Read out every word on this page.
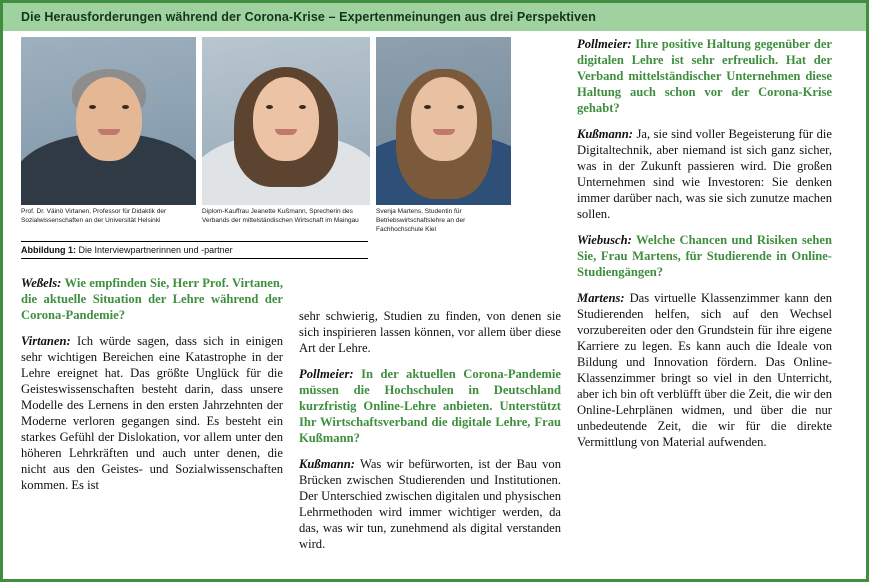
Die Herausforderungen während der Corona-Krise – Expertenmeinungen aus drei Perspektiven
Prof. Dr. Väinö Virtanen, Professor für Didaktik der Sozialwissenschaften an der Universität Helsinki
Diplom-Kauffrau Jeanette Kußmann, Sprecherin des Verbands der mittelständischen Wirtschaft im Maingau
Svenja Martens, Studentin für Betriebswirtschaftslehre an der Fachhochschule Kiel
Abbildung 1: Die Interviewpartnerinnen und -partner

Weßels: Wie empfinden Sie, Herr Prof. Virtanen, die aktuelle Situation der Lehre während der Corona-Pandemie?

Virtanen: Ich würde sagen, dass sich in einigen sehr wichtigen Bereichen eine Katastrophe in der Lehre ereignet hat. Das größte Unglück für die Geisteswissenschaften besteht darin, dass unsere Modelle des Lernens in den ersten Jahrzehnten der Moderne verloren gegangen sind. Es besteht ein starkes Gefühl der Dislokation, vor allem unter den höheren Lehrkräften und auch unter denen, die nicht aus den Geistes- und Sozialwissenschaften kommen. Es ist

sehr schwierig, Studien zu finden, von denen sie sich inspirieren lassen können, vor allem über diese Art der Lehre.

Pollmeier: In der aktuellen Corona-Pandemie müssen die Hochschulen in Deutschland kurzfristig Online-Lehre anbieten. Unterstützt Ihr Wirtschaftsverband die digitale Lehre, Frau Kußmann?

Kußmann: Was wir befürworten, ist der Bau von Brücken zwischen Studierenden und Institutionen. Der Unterschied zwischen digitalen und physischen Lehrmethoden wird immer wichtiger werden, da das, was wir tun, zunehmend als digital verstanden wird.

Pollmeier: Ihre positive Haltung gegenüber der digitalen Lehre ist sehr erfreulich. Hat der Verband mittelständischer Unternehmen diese Haltung auch schon vor der Corona-Krise gehabt?

Kußmann: Ja, sie sind voller Begeisterung für die Digitaltechnik, aber niemand ist sich ganz sicher, was in der Zukunft passieren wird. Die großen Unternehmen sind wie Investoren: Sie denken immer darüber nach, was sie sich zunutze machen sollen.

Wiebusch: Welche Chancen und Risiken sehen Sie, Frau Martens, für Studierende in Online-Studiengängen?

Martens: Das virtuelle Klassenzimmer kann den Studierenden helfen, sich auf den Wechsel vorzubereiten oder den Grundstein für ihre eigene Karriere zu legen. Es kann auch die Ideale von Bildung und Innovation fördern. Das Online-Klassenzimmer bringt so viel in den Unterricht, aber ich bin oft verblüfft über die Zeit, die wir den Online-Lehrplänen widmen, und über die nur unbedeutende Zeit, die wir für die direkte Vermittlung von Material aufwenden.
